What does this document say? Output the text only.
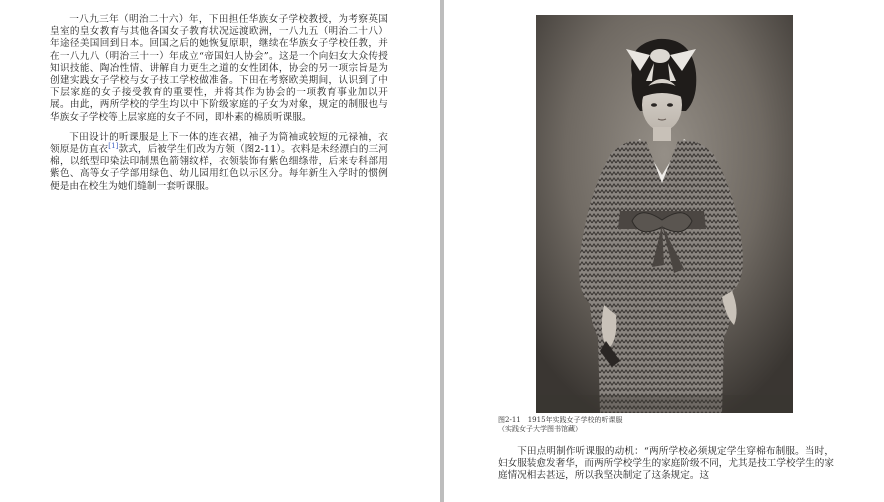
一八九三年（明治二十六）年，下田担任华族女子学校教授，为考察英国皇室的皇女教育与其他各国女子教育状况远渡欧洲，一八九五（明治二十八）年途径美国回到日本。回国之后的她恢复原职，继续在华族女子学校任教，并在一八九八（明治三十一）年成立“帝国妇人协会”。这是一个向妇女大众传授知识技能、陶冶性情、讲解自力更生之道的女性团体，协会的另一项宗旨是为创建实践女子学校与女子技工学校做准备。下田在考察欧美期间，认识到了中下层家庭的女子接受教育的重要性，并将其作为协会的一项教育事业加以开展。由此，两所学校的学生均以中下阶级家庭的子女为对象，规定的制服也与华族女子学校等上层家庭的女子不同，即朴素的棉质听课服。

下田设计的听课服是上下一体的连衣裙，袖子为筒袖或较短的元禄袖，衣领原是仿直衣[1]款式，后被学生们改为方领（图2-11）。衣料是未经漂白的三河棉，以纸型印染法印制黑色箭翎纹样，衣领装饰有紫色细绦带，后来专科部用紫色、高等女子学部用绿色、幼儿园用红色以示区分。每年新生入学时的惯例便是由在校生为她们缝制一套听课服。

图2-11　1915年实践女子学校的听课服
（实践女子大学图书馆藏）

下田点明制作听课服的动机：“两所学校必须规定学生穿棉布制服。当时，妇女服装愈发奢华，而两所学校学生的家庭阶级不同，尤其是技工学校学生的家庭情况相去甚远，所以我坚决制定了这条规定。这
